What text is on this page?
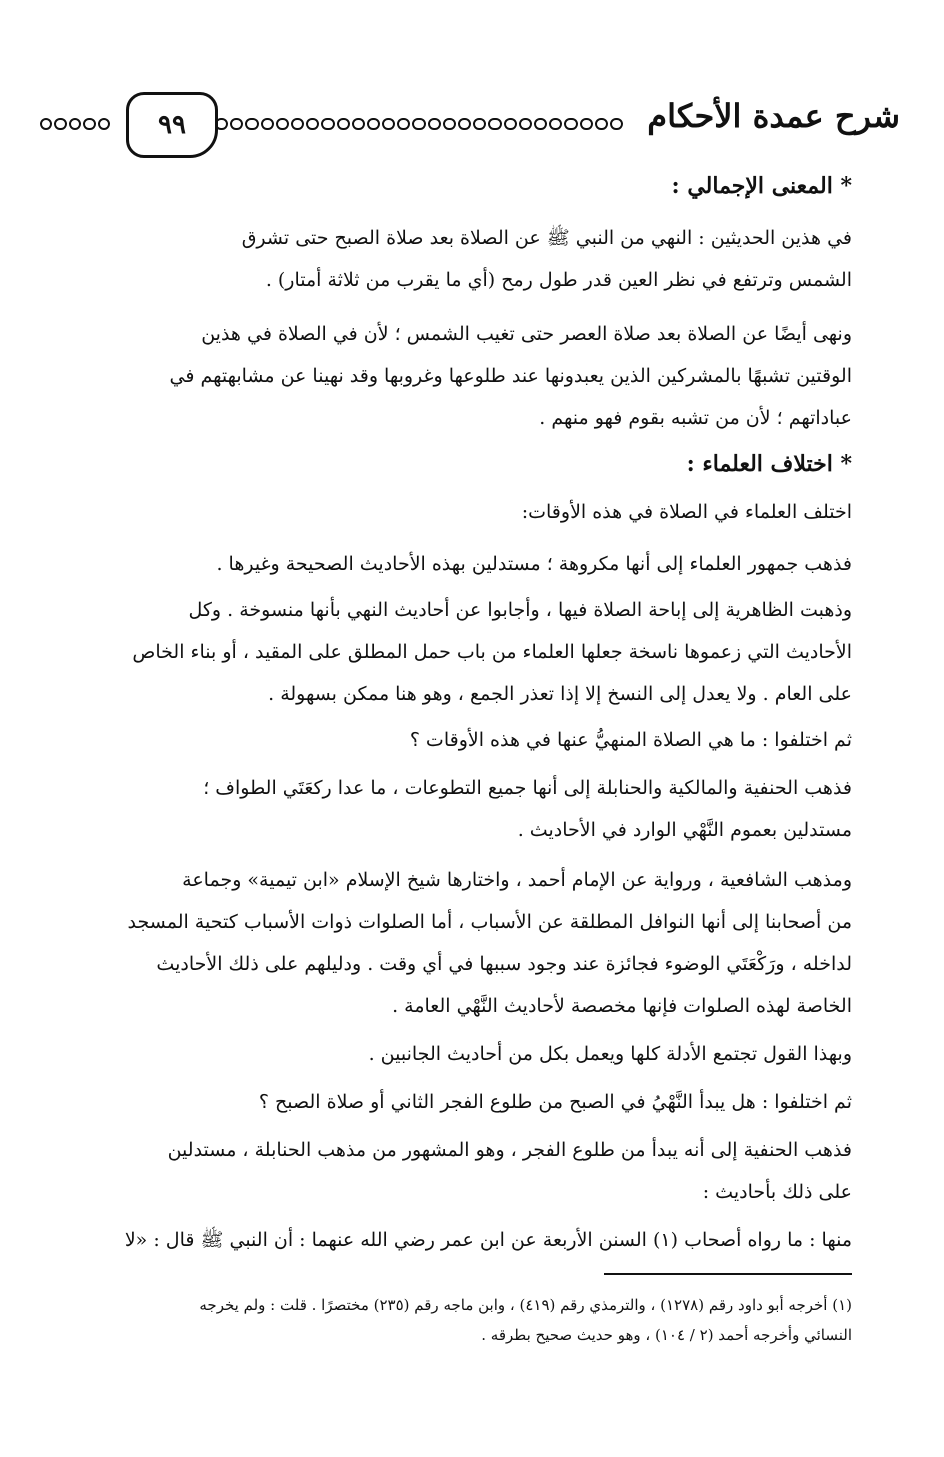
شرح عمدة الأحكام
٩٩
* المعنى الإجمالي :
في هذين الحديثين : النهي من النبي ﷺ عن الصلاة بعد صلاة الصبح حتى تشرق
الشمس وترتفع في نظر العين قدر طول رمح (أي ما يقرب من ثلاثة أمتار) .
ونهى أيضًا عن الصلاة بعد صلاة العصر حتى تغيب الشمس ؛ لأن في الصلاة في هذين
الوقتين تشبهًا بالمشركين الذين يعبدونها عند طلوعها وغروبها وقد نهينا عن مشابهتهم في
عباداتهم ؛ لأن من تشبه بقوم فهو منهم .
* اختلاف العلماء :
اختلف العلماء في الصلاة في هذه الأوقات:
فذهب جمهور العلماء إلى أنها مكروهة ؛ مستدلين بهذه الأحاديث الصحيحة وغيرها .
وذهبت الظاهرية إلى إباحة الصلاة فيها ، وأجابوا عن أحاديث النهي بأنها منسوخة . وكل
الأحاديث التي زعموها ناسخة جعلها العلماء من باب حمل المطلق على المقيد ، أو بناء الخاص
على العام . ولا يعدل إلى النسخ إلا إذا تعذر الجمع ، وهو هنا ممكن بسهولة .
ثم اختلفوا : ما هي الصلاة المنهيُّ عنها في هذه الأوقات ؟
فذهب الحنفية والمالكية والحنابلة إلى أنها جميع التطوعات ، ما عدا ركعَتَي الطواف ؛
مستدلين بعموم النَّهْي الوارد في الأحاديث .
ومذهب الشافعية ، ورواية عن الإمام أحمد ، واختارها شيخ الإسلام «ابن تيمية» وجماعة
من أصحابنا إلى أنها النوافل المطلقة عن الأسباب ، أما الصلوات ذوات الأسباب كتحية المسجد
لداخله ، ورَكْعَتَي الوضوء فجائزة عند وجود سببها في أي وقت . ودليلهم على ذلك الأحاديث
الخاصة لهذه الصلوات فإنها مخصصة لأحاديث النَّهْي العامة .
وبهذا القول تجتمع الأدلة كلها ويعمل بكل من أحاديث الجانبين .
ثم اختلفوا : هل يبدأ النَّهْيُ في الصبح من طلوع الفجر الثاني أو صلاة الصبح ؟
فذهب الحنفية إلى أنه يبدأ من طلوع الفجر ، وهو المشهور من مذهب الحنابلة ، مستدلين
على ذلك بأحاديث :
منها : ما رواه أصحاب (١) السنن الأربعة عن ابن عمر رضي الله عنهما : أن النبي ﷺ قال : «لا
(١) أخرجه أبو داود رقم (١٢٧٨) ، والترمذي رقم (٤١٩) ، وابن ماجه رقم (٢٣٥) مختصرًا . قلت : ولم يخرجه
النسائي وأخرجه أحمد (٢ / ١٠٤) ، وهو حديث صحيح بطرقه .
